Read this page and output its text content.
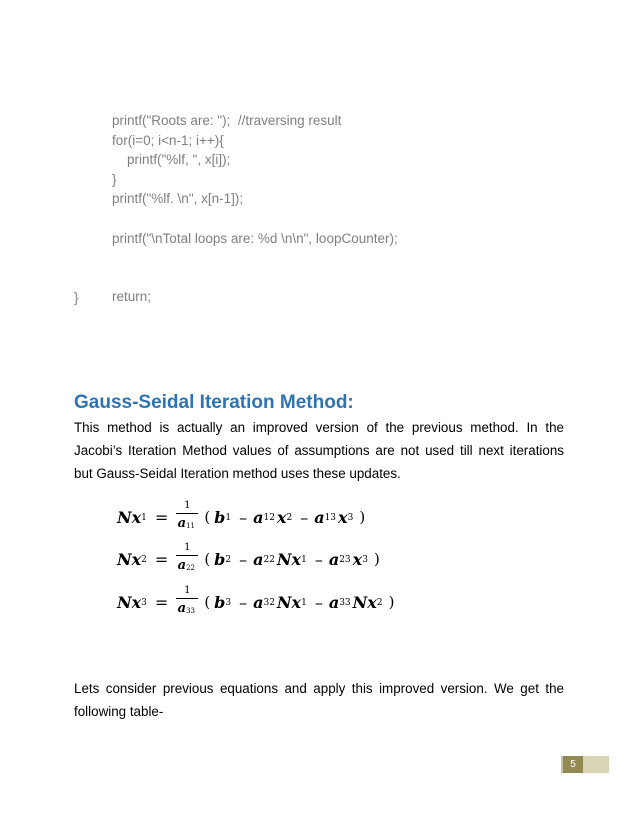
printf("Roots are: ");  //traversing result
for(i=0; i<n-1; i++){
printf("%lf, ", x[i]);
}
printf("%lf. \n", x[n-1]);
printf("\nTotal loops are: %d \n\n", loopCounter);
return;
}
Gauss-Seidal Iteration Method:

This method is actually an improved version of the previous method. In the
Jacobi’s Iteration Method values of assumptions are not used till next iterations
but Gauss-Seidal Iteration method uses these updates.

Nx $1 = \frac{1}{a11}$ ( b 1 – a 12 x 2 – a 13 x 3 )
Nx $2 = \frac{1}{a22}$ ( b 2 – a 22 Nx 1 – a 23 x 3 )
Nx $3 = \frac{1}{a33}$ ( b 3 – a 32 Nx 1 – a 33 Nx 2 )

Lets consider previous equations and apply this improved version. We get the
following table-

5
